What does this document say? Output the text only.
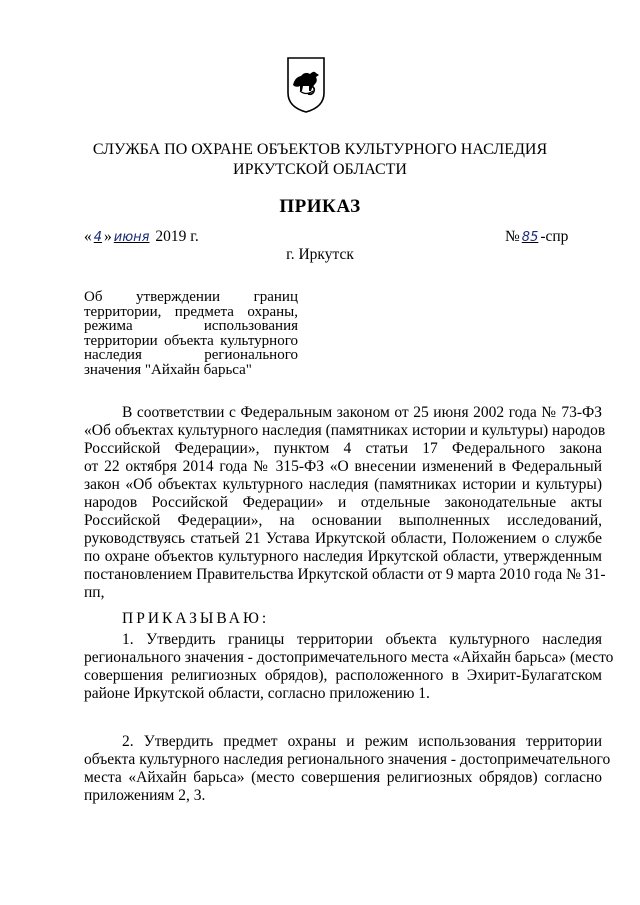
СЛУЖБА ПО ОХРАНЕ ОБЪЕКТОВ КУЛЬТУРНОГО НАСЛЕДИЯ
ИРКУТСКОЙ ОБЛАСТИ
ПРИКАЗ
« 4 » июня 2019 г.	№ 85 -спр
г. Иркутск
Об утверждении границ
территории, предмета охраны,
режима использования
территории объекта культурного
наследия регионального
значения "Айхайн барьса"
В соответствии с Федеральным законом от 25 июня 2002 года № 73-ФЗ
«Об объектах культурного наследия (памятниках истории и культуры) народов
Российской Федерации», пунктом 4 статьи 17 Федерального закона
от 22 октября 2014 года № 315-ФЗ «О внесении изменений в Федеральный
закон «Об объектах культурного наследия (памятниках истории и культуры)
народов Российской Федерации» и отдельные законодательные акты
Российской Федерации», на основании выполненных исследований,
руководствуясь статьей 21 Устава Иркутской области, Положением о службе
по охране объектов культурного наследия Иркутской области, утвержденным
постановлением Правительства Иркутской области от 9 марта 2010 года № 31-
пп,
ПРИКАЗЫВАЮ:
1. Утвердить границы территории объекта культурного наследия
регионального значения - достопримечательного места «Айхайн барьса» (место
совершения религиозных обрядов), расположенного в Эхирит-Булагатском
районе Иркутской области, согласно приложению 1.
2. Утвердить предмет охраны и режим использования территории
объекта культурного наследия регионального значения - достопримечательного
места «Айхайн барьса» (место совершения религиозных обрядов) согласно
приложениям 2, 3.
